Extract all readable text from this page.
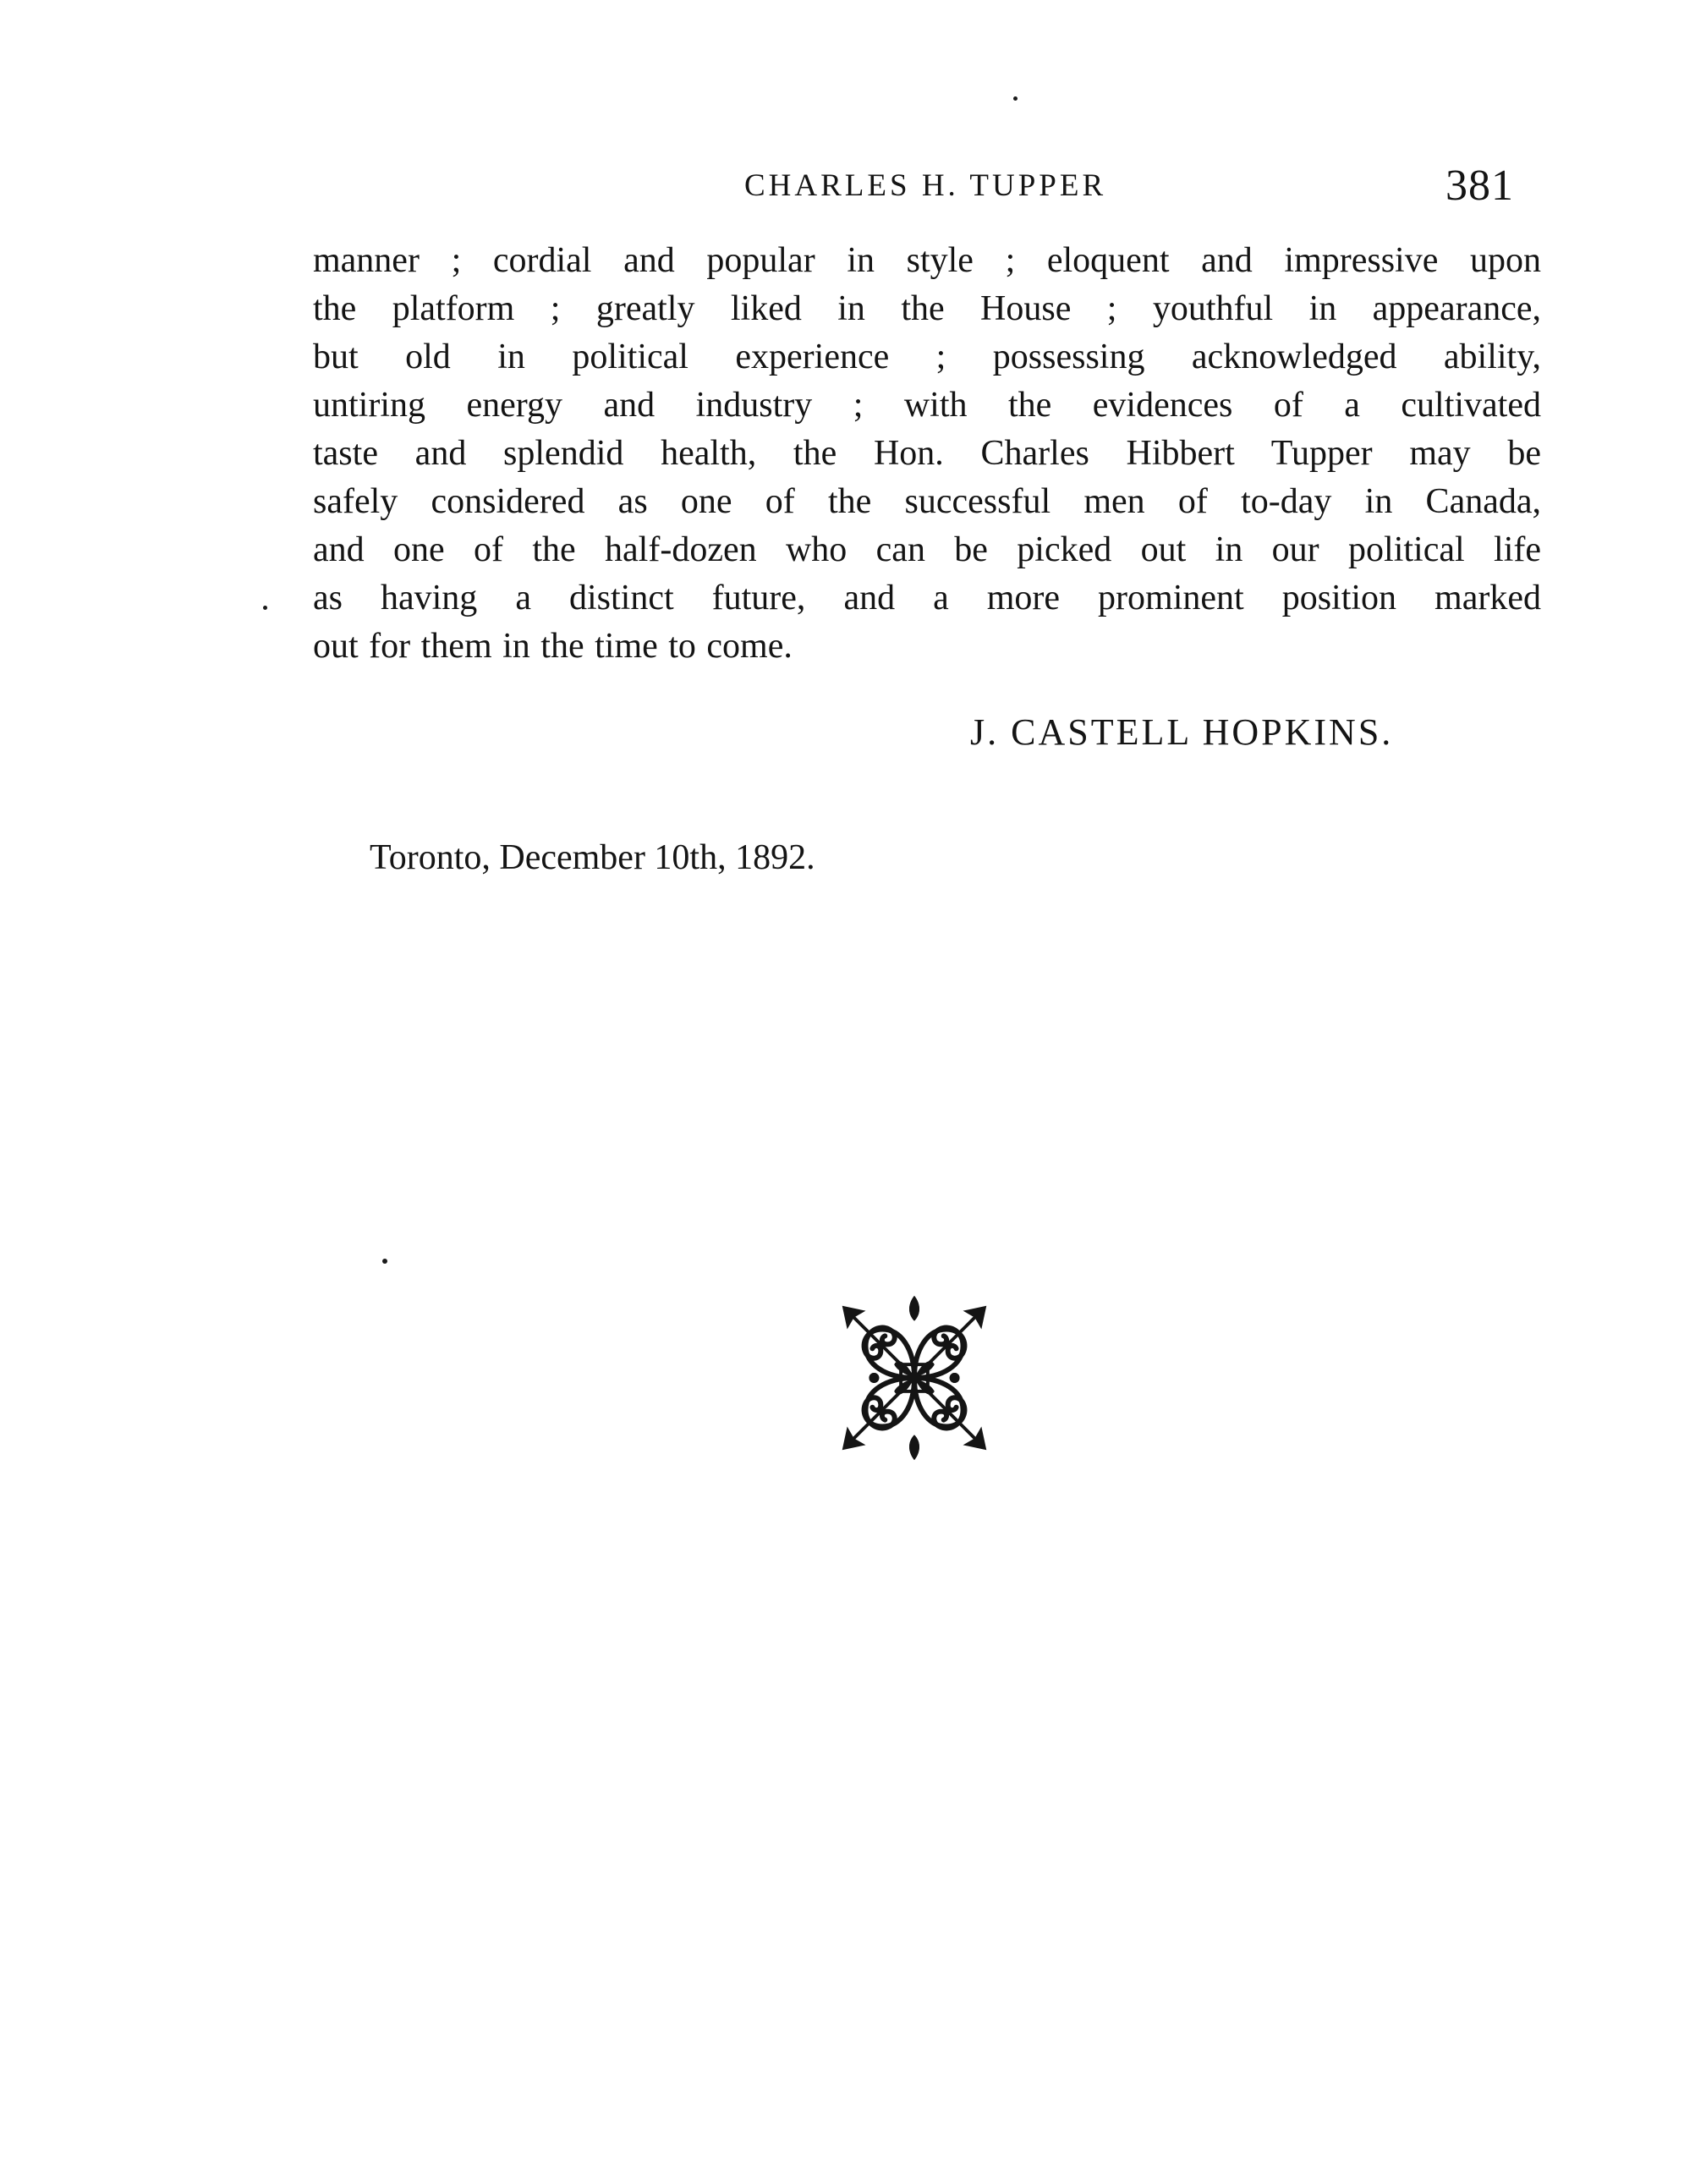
CHARLES H. TUPPER	381
manner ; cordial and popular in style ; eloquent and impressive upon
the platform ; greatly liked in the House ; youthful in appearance,
but old in political experience ; possessing acknowledged ability,
untiring energy and industry ; with the evidences of a cultivated
taste and splendid health, the Hon. Charles Hibbert Tupper may be
safely considered as one of the successful men of to-day in Canada,
and one of the half-dozen who can be picked out in our political life
as having a distinct future, and a more prominent position marked
out for them in the time to come.
J. CASTELL HOPKINS.
Toronto, December 10th, 1892.
